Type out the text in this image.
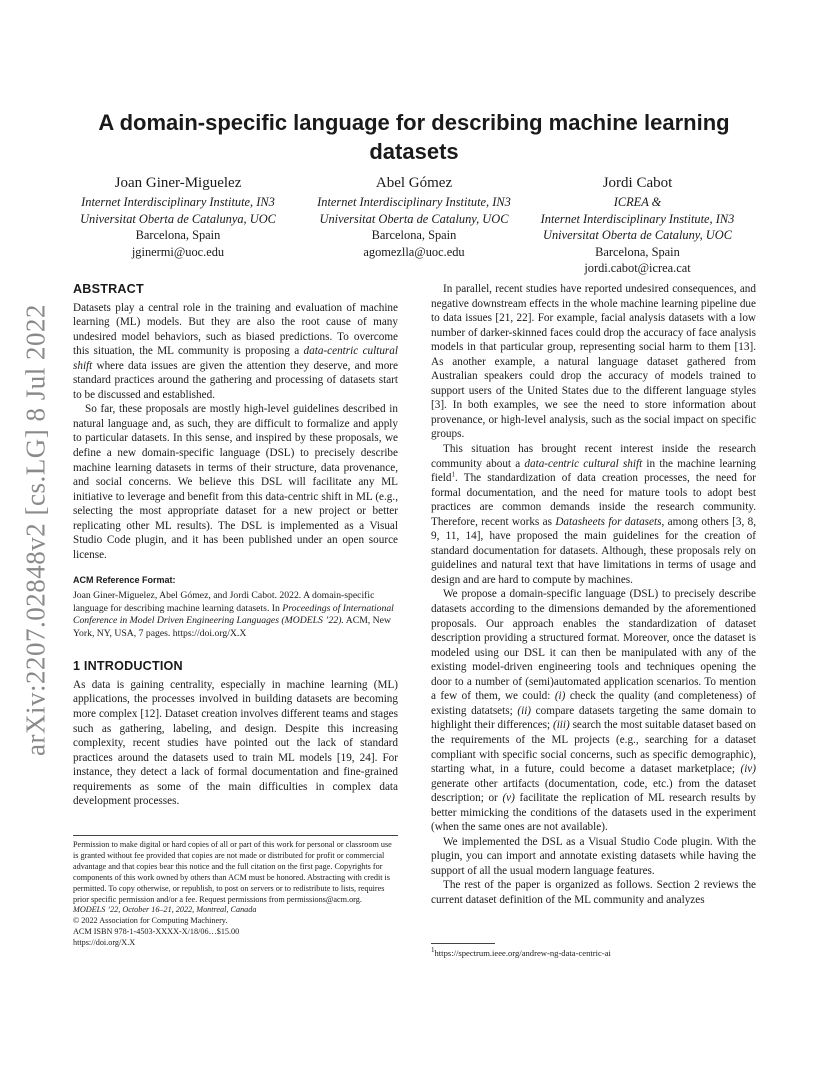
arXiv:2207.02848v2 [cs.LG] 8 Jul 2022
A domain-specific language for describing machine learning datasets
Joan Giner-Miguelez
Internet Interdisciplinary Institute, IN3
Universitat Oberta de Catalunya, UOC
Barcelona, Spain
jginermi@uoc.edu
Abel Gómez
Internet Interdisciplinary Institute, IN3
Universitat Oberta de Cataluny, UOC
Barcelona, Spain
agomezlla@uoc.edu
Jordi Cabot
ICREA &
Internet Interdisciplinary Institute, IN3
Universitat Oberta de Cataluny, UOC
Barcelona, Spain
jordi.cabot@icrea.cat
ABSTRACT

Datasets play a central role in the training and evaluation of machine learning (ML) models. But they are also the root cause of many undesired model behaviors, such as biased predictions. To overcome this situation, the ML community is proposing a data-centric cultural shift where data issues are given the attention they deserve, and more standard practices around the gathering and processing of datasets start to be discussed and established.

So far, these proposals are mostly high-level guidelines described in natural language and, as such, they are difficult to formalize and apply to particular datasets. In this sense, and inspired by these proposals, we define a new domain-specific language (DSL) to precisely describe machine learning datasets in terms of their structure, data provenance, and social concerns. We believe this DSL will facilitate any ML initiative to leverage and benefit from this data-centric shift in ML (e.g., selecting the most appropriate dataset for a new project or better replicating other ML results). The DSL is implemented as a Visual Studio Code plugin, and it has been published under an open source license.

ACM Reference Format:

Joan Giner-Miguelez, Abel Gómez, and Jordi Cabot. 2022. A domain-specific language for describing machine learning datasets. In Proceedings of International Conference in Model Driven Engineering Languages (MODELS ’22). ACM, New York, NY, USA, 7 pages. https://doi.org/X.X

1 INTRODUCTION

As data is gaining centrality, especially in machine learning (ML) applications, the processes involved in building datasets are becoming more complex [12]. Dataset creation involves different teams and stages such as gathering, labeling, and design. Despite this increasing complexity, recent studies have pointed out the lack of standard practices around the datasets used to train ML models [19, 24]. For instance, they detect a lack of formal documentation and fine-grained requirements as some of the main difficulties in complex data development processes.

Permission to make digital or hard copies of all or part of this work for personal or classroom use is granted without fee provided that copies are not made or distributed for profit or commercial advantage and that copies bear this notice and the full citation on the first page. Copyrights for components of this work owned by others than ACM must be honored. Abstracting with credit is permitted. To copy otherwise, or republish, to post on servers or to redistribute to lists, requires prior specific permission and/or a fee. Request permissions from permissions@acm.org.

MODELS ’22, October 16–21, 2022, Montreal, Canada

© 2022 Association for Computing Machinery.

ACM ISBN 978-1-4503-XXXX-X/18/06…$15.00

https://doi.org/X.X

In parallel, recent studies have reported undesired consequences, and negative downstream effects in the whole machine learning pipeline due to data issues [21, 22]. For example, facial analysis datasets with a low number of darker-skinned faces could drop the accuracy of face analysis models in that particular group, representing social harm to them [13]. As another example, a natural language dataset gathered from Australian speakers could drop the accuracy of models trained to support users of the United States due to the different language styles [3]. In both examples, we see the need to store information about provenance, or high-level analysis, such as the social impact on specific groups.

This situation has brought recent interest inside the research community about a data-centric cultural shift in the machine learning field$^1$. The standardization of data creation processes, the need for formal documentation, and the need for mature tools to adopt best practices are common demands inside the research community. Therefore, recent works as Datasheets for datasets, among others [3, 8, 9, 11, 14], have proposed the main guidelines for the creation of standard documentation for datasets. Although, these proposals rely on guidelines and natural text that have limitations in terms of usage and design and are hard to compute by machines.

We propose a domain-specific language (DSL) to precisely describe datasets according to the dimensions demanded by the aforementioned proposals. Our approach enables the standardization of dataset description providing a structured format. Moreover, once the dataset is modeled using our DSL it can then be manipulated with any of the existing model-driven engineering tools and techniques opening the door to a number of (semi)automated application scenarios. To mention a few of them, we could: (i) check the quality (and completeness) of existing datatsets; (ii) compare datasets targeting the same domain to highlight their differences; (iii) search the most suitable dataset based on the requirements of the ML projects (e.g., searching for a dataset compliant with specific social concerns, such as specific demographic), starting what, in a future, could become a dataset marketplace; (iv) generate other artifacts (documentation, code, etc.) from the dataset description; or (v) facilitate the replication of ML research results by better mimicking the conditions of the datasets used in the experiment (when the same ones are not available).

We implemented the DSL as a Visual Studio Code plugin. With the plugin, you can import and annotate existing datasets while having the support of all the usual modern language features.

The rest of the paper is organized as follows. Section 2 reviews the current dataset definition of the ML community and analyzes

$^1$https://spectrum.ieee.org/andrew-ng-data-centric-ai
